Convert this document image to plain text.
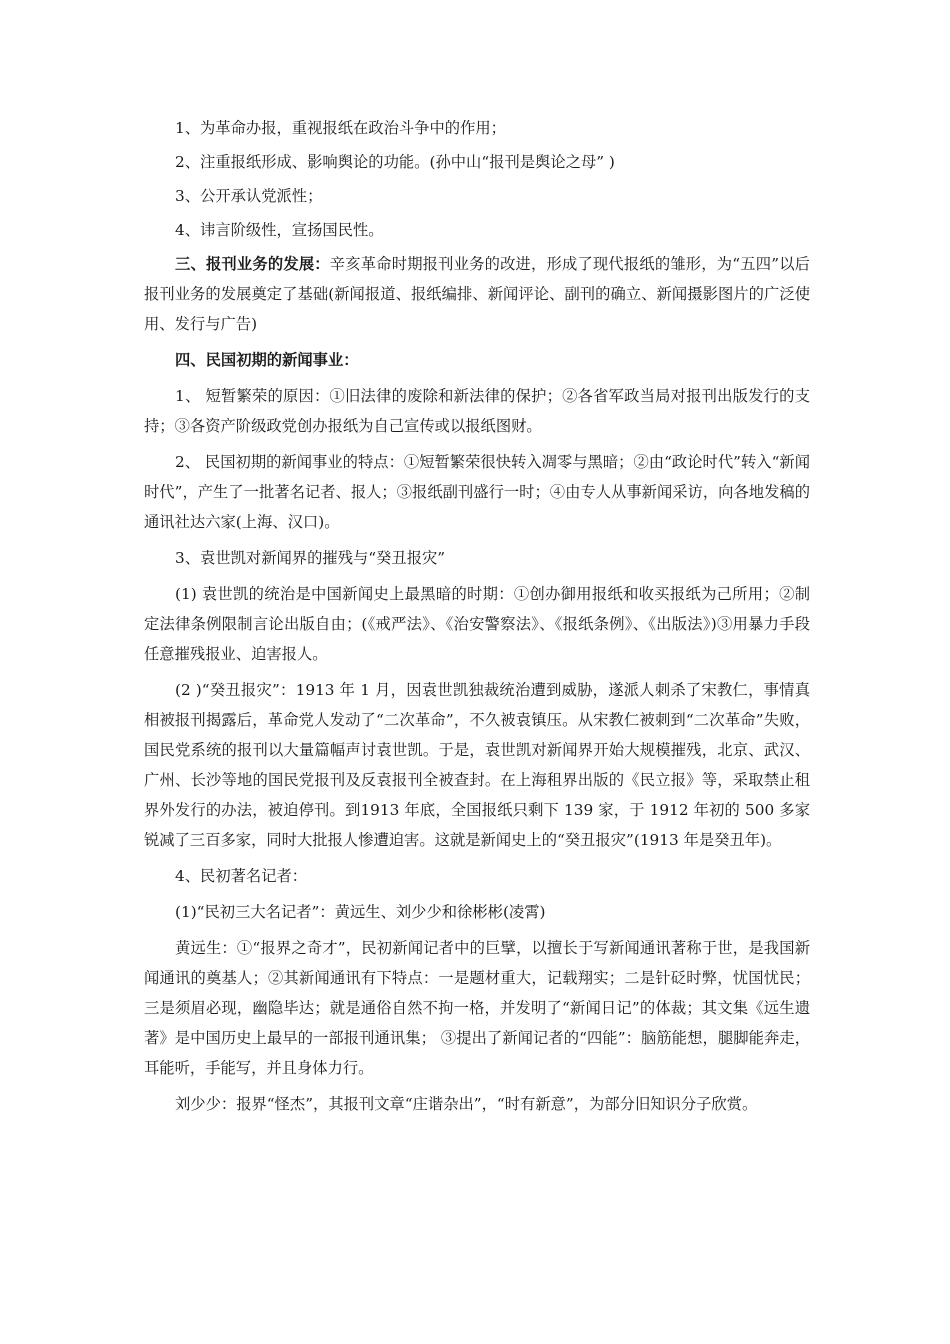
1、为革命办报，重视报纸在政治斗争中的作用；

2、注重报纸形成、影响舆论的功能。(孙中山“报刊是舆论之母” )

3、公开承认党派性；

4、讳言阶级性，宣扬国民性。

三、报刊业务的发展：辛亥革命时期报刊业务的改进，形成了现代报纸的雏形，为“五四”以后报刊业务的发展奠定了基础(新闻报道、报纸编排、新闻评论、副刊的确立、新闻摄影图片的广泛使用、发行与广告)

四、民国初期的新闻事业：

1、 短暂繁荣的原因：①旧法律的废除和新法律的保护；②各省军政当局对报刊出版发行的支持；③各资产阶级政党创办报纸为自己宣传或以报纸图财。

2、 民国初期的新闻事业的特点：①短暂繁荣很快转入凋零与黑暗；②由“政论时代”转入“新闻时代”，产生了一批著名记者、报人；③报纸副刊盛行一时；④由专人从事新闻采访，向各地发稿的通讯社达六家(上海、汉口)。

3、袁世凯对新闻界的摧残与“癸丑报灾”

(1) 袁世凯的统治是中国新闻史上最黑暗的时期：①创办御用报纸和收买报纸为己所用；②制定法律条例限制言论出版自由；(《戒严法》、《治安警察法》、《报纸条例》、《出版法》)③用暴力手段任意摧残报业、迫害报人。

(2 )“癸丑报灾”：1913 年 1 月，因袁世凯独裁统治遭到威胁，遂派人刺杀了宋教仁，事情真相被报刊揭露后，革命党人发动了“二次革命”，不久被袁镇压。从宋教仁被刺到“二次革命”失败，国民党系统的报刊以大量篇幅声讨袁世凯。于是，袁世凯对新闻界开始大规模摧残，北京、武汉、广州、长沙等地的国民党报刊及反袁报刊全被查封。在上海租界出版的《民立报》等，采取禁止租界外发行的办法，被迫停刊。到1913 年底，全国报纸只剩下 139 家，于 1912 年初的 500 多家锐减了三百多家，同时大批报人惨遭迫害。这就是新闻史上的“癸丑报灾”(1913 年是癸丑年)。

4、民初著名记者：

(1)“民初三大名记者”：黄远生、刘少少和徐彬彬(凌霄)

黄远生：①“报界之奇才”，民初新闻记者中的巨擘，以擅长于写新闻通讯著称于世，是我国新闻通讯的奠基人；②其新闻通讯有下特点：一是题材重大，记载翔实；二是针砭时弊，忧国忧民；三是须眉必现，幽隐毕达；就是通俗自然不拘一格，并发明了“新闻日记”的体裁；其文集《远生遗著》是中国历史上最早的一部报刊通讯集； ③提出了新闻记者的“四能”：脑筋能想，腿脚能奔走，耳能听，手能写，并且身体力行。

刘少少：报界“怪杰”，其报刊文章“庄谐杂出”，“时有新意”，为部分旧知识分子欣赏。
